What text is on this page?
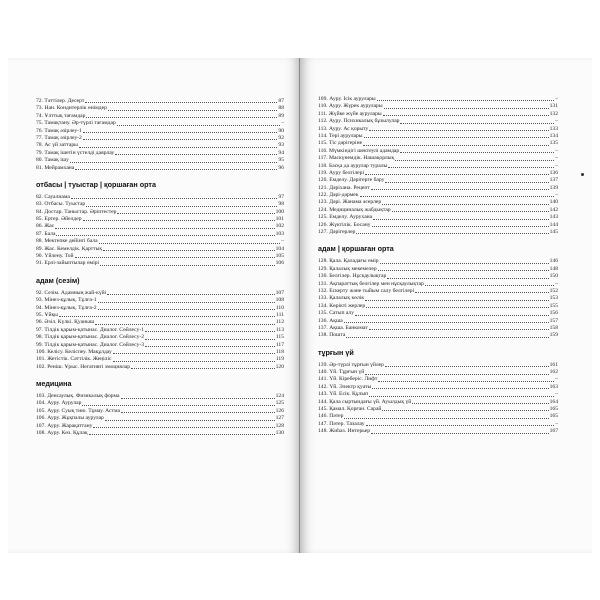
72. Тәттілер. Десерт	87
73. Нан. Кондитерлік өнімдер	88
74. Ұлттық тағамдар	89
75. Тамақтану. Әр-түрлі тағамдар	–
76. Тамақ әзірлеу-1	90
77. Тамақ әзірлеу-2	92
78. Ас үй заттары	93
79. Тамақ ішетін үстелді даярлау	94
80. Тамақ ішу	95
81. Мейрамхана	96
отбасы | туыстар | қоршаған орта
82. Сауалнама	97
83. Отбасы. Туыстар	98
84. Достар. Таныстар. Әріптестер	100
85. Ертер. Әйелдер	101
86. Жас	102
87. Бала	103
88. Мектепке дейінгі бала	–
89. Жас. Кемелдік. Қарттық	104
90. Үйлену. Той	105
91. Ерлі-зайыптылар өмірі	106
адам (сезім)
92. Сезім. Адамның жай-күйі	107
93. Мінез-құлық. Тұлға-1	108
94. Мінез-құлық. Тұлға-2	110
95. Ұйқы	111
96. Әзіл. Күлкі. Қуаныш	112
97. Тілдік қарым-қатынас. Диалог. Сөйлесу-1	113
98. Тілдік қарым-қатынас. Диалог. Сөйлесу-2	115
99. Тілдік қарым-қатынас. Диалог. Сөйлесу-3	117
100. Келісу. Келіспеу. Мақұлдау	118
101. Жетістік. Сәттілік. Жеңіліс	119
102. Реніш. Ұрыс. Негативті эмоциялар	120
медицина
103. Денсаулық. Физикалық форма	124
104. Ауру. Аурулар	125
105. Ауру. Суық тию. Тұмау. Астма	126
106. Ауру. Жұқпалы аурулар	127
107. Ауру. Жарақаттану	128
108. Ауру. Көз. Құлақ	130
109. Ауру. Ісік аурулары	–
110. Ауру. Жүрек аурулары	131
111. Жүйке жүйе аурулары	132
112. Ауру. Психикалық бұзылулар	–
113. Ауру. Ас қорыту	133
114. Тері аурулары	134
115. Тіс дәрігеріне	135
116. Мүмкіндігі шектеулі адамдар	–
117. Маскүнемдік. Нашақорлық	–
118. Басқа да аурулар туралы	–
119. Ауру белгілері	136
120. Емделу. Дәрігерге бару	137
121. Дәріхана. Рецепт	139
122. Дәрі-дәрмек	–
123. Дәрі. Жанама әсерлер	140
124. Медициналық жабдықтар	142
125. Емделу. Ауруxана	143
126. Жүктілік. Босану	144
127. Дәрігерлер	145
адам | қоршаған орта
128. Қала. Қаладағы өмір	146
129. Қалалық мекемелер	148
130. Белгілер. Нұсқаулықтар	150
131. Ақпараттық белгілер мен нұсқаулықтар	–
132. Ескерту және тыйым салу белгілері	152
133. Қалалық көлік	153
134. Көрікті жерлер	155
135. Сатып алу	156
136. Ақша	157
137. Ақша. Банкомат	158
138. Пошта	159
тұрғын үй
139. Әр-түрлі тұрғын үйлер	161
140. Үй. Тұрғын үй	162
141. Үй. Кіреберіс. Лифт	–
142. Үй. Электр қуаты	163
143. Үй. Есік. Құлып	–
144. Қала сыртындағы үй. Ауылдық үй	164
145. Қамал. Қорған. Сарай	165
146. Пәтер	165
147. Пәтер. Тазалау	–
148. Жиһаз. Интерьер	167
